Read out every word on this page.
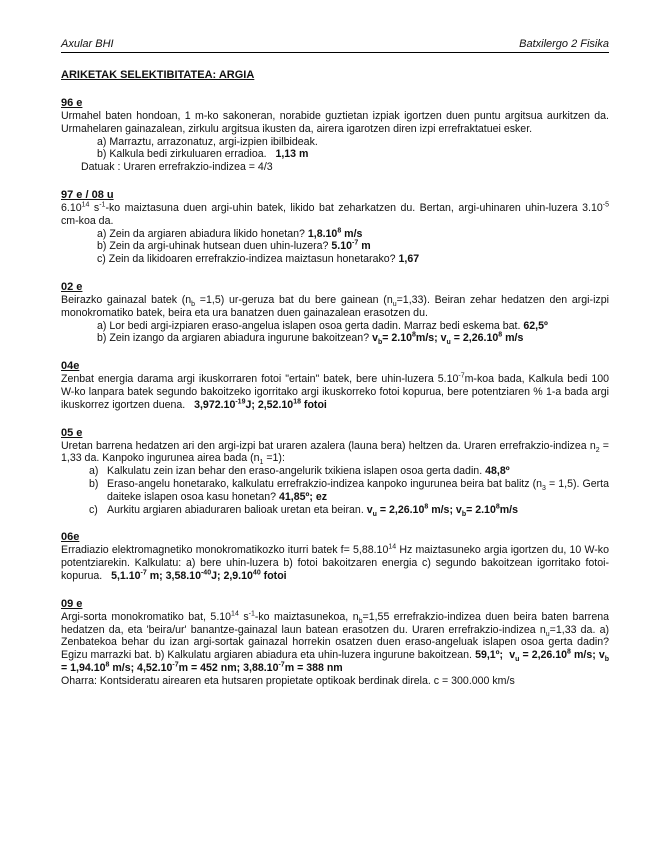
Axular BHI	Batxilergo 2 Fisika
ARIKETAK SELEKTIBITATEA: ARGIA
96 e

Urmahel baten hondoan, 1 m-ko sakoneran, norabide guztietan izpiak igortzen duen puntu argitsua aurkitzen da. Urmahelaren gainazalean, zirkulu argitsua ikusten da, airera igarotzen diren izpi errefraktatuei esker.

a) Marraztu, arrazonatuz, argi-izpien ibilbideak.

b) Kalkula bedi zirkuluaren erradioa. 1,13 m

Datuak : Uraren errefrakzio-indizea = 4/3

97 e / 08 u

6.10$^{14}$ $s^{-1}-ko$ maiztasuna duen argi-uhin batek, likido bat zeharkatzen du. Bertan, argi-uhinaren uhin-luzera $3.10^{-5}$ cm-koa da.

a) Zein da argiaren abiadura likido honetan? 1,8.10$^8$ m/s

b) Zein da argi-uhinak hutsean duen uhin-luzera? $5.10^{-7}$ m

c) Zein da likidoaren errefrakzio-indizea maiztasun honetarako? 1,67

02 e

Beirazko gainazal batek $(n_b =1,5)$ ur-geruza bat du bere gainean $(n_u=1,33)$. Beiran zehar hedatzen den argi-izpi monokromatiko batek, beira eta ura banatzen duen gainazalean erasotzen du.

a) Lor bedi argi-izpiaren eraso-angelua islapen osoa gerta dadin. Marraz bedi eskema bat. 62,5º

b) Zein izango da argiaren abiadura ingurune bakoitzean? $v_b= 2.10^8m/s$; $v_u = 2,26.10^8$ m/s

04e

Zenbat energia darama argi ikuskorraren fotoi "ertain" batek, bere uhin-luzera $5.10^{-7}m$-koa bada, Kalkula bedi 100 W-ko lanpara batek segundo bakoitzeko igorritako argi ikuskorreko fotoi kopurua, bere potentziaren % 1-a bada argi ikuskorrez igortzen duena. $3,972.10^{-19}J$; 2,52.10$^{18}$ fotoi

05 e

Uretan barrena hedatzen ari den argi-izpi bat uraren azalera (launa bera) heltzen da. Uraren errefrakzio-indizea $n_2 = 1,33$ da. Kanpoko ingurunea airea bada $(n_1 =1)$:

a) Kalkulatu zein izan behar den eraso-angelurik txikiena islapen osoa gerta dadin. 48,8º
b) Eraso-angelu honetarako, kalkulatu errefrakzio-indizea kanpoko ingurunea beira bat balitz $(n_3 = 1,5)$. Gerta daiteke islapen osoa kasu honetan? 41,85º; ez
c) Aurkitu argiaren abiaduraren balioak uretan eta beiran. $v_u = 2,26.10^8$ m/s; $v_b= 2.10^8m/s$
06e

Erradiazio elektromagnetiko monokromatikozko iturri batek $f= 5,88.10^{14}$ Hz maiztasuneko argia igortzen du, 10 W-ko potentziarekin. Kalkulatu: a) bere uhin-luzera b) fotoi bakoitzaren energia c) segundo bakoitzean igorritako fotoi-kopurua. $5,1.10^{-7}$ m; $3,58.10^{-40}J$; 2,9.10$^{40}$ fotoi

09 e

Argi-sorta monokromatiko bat, 5.10$^{14}$ $s^{-1}-ko$ maiztasunekoa, $n_b=1,55$ errefrakzio-indizea duen beira baten barrena hedatzen da, eta 'beira/ur' banantze-gainazal laun batean erasotzen du. Uraren errefrakzio-indizea $n_u=1,33$ da. a) Zenbatekoa behar du izan argi-sortak gainazal horrekin osatzen duen eraso-angeluak islapen osoa gerta dadin? Egizu marrazki bat. b) Kalkulatu argiaren abiadura eta uhin-luzera ingurune bakoitzean. 59,1º; $v_u = 2,26.10^8$ m/s; $v_b = 1,94.10^8$ m/s; $4,52.10^{-7}m = 452$ nm; $3,88.10^{-7}m = 388$ nm

Oharra: Kontsideratu airearen eta hutsaren propietate optikoak berdinak direla. c = 300.000 km/s
